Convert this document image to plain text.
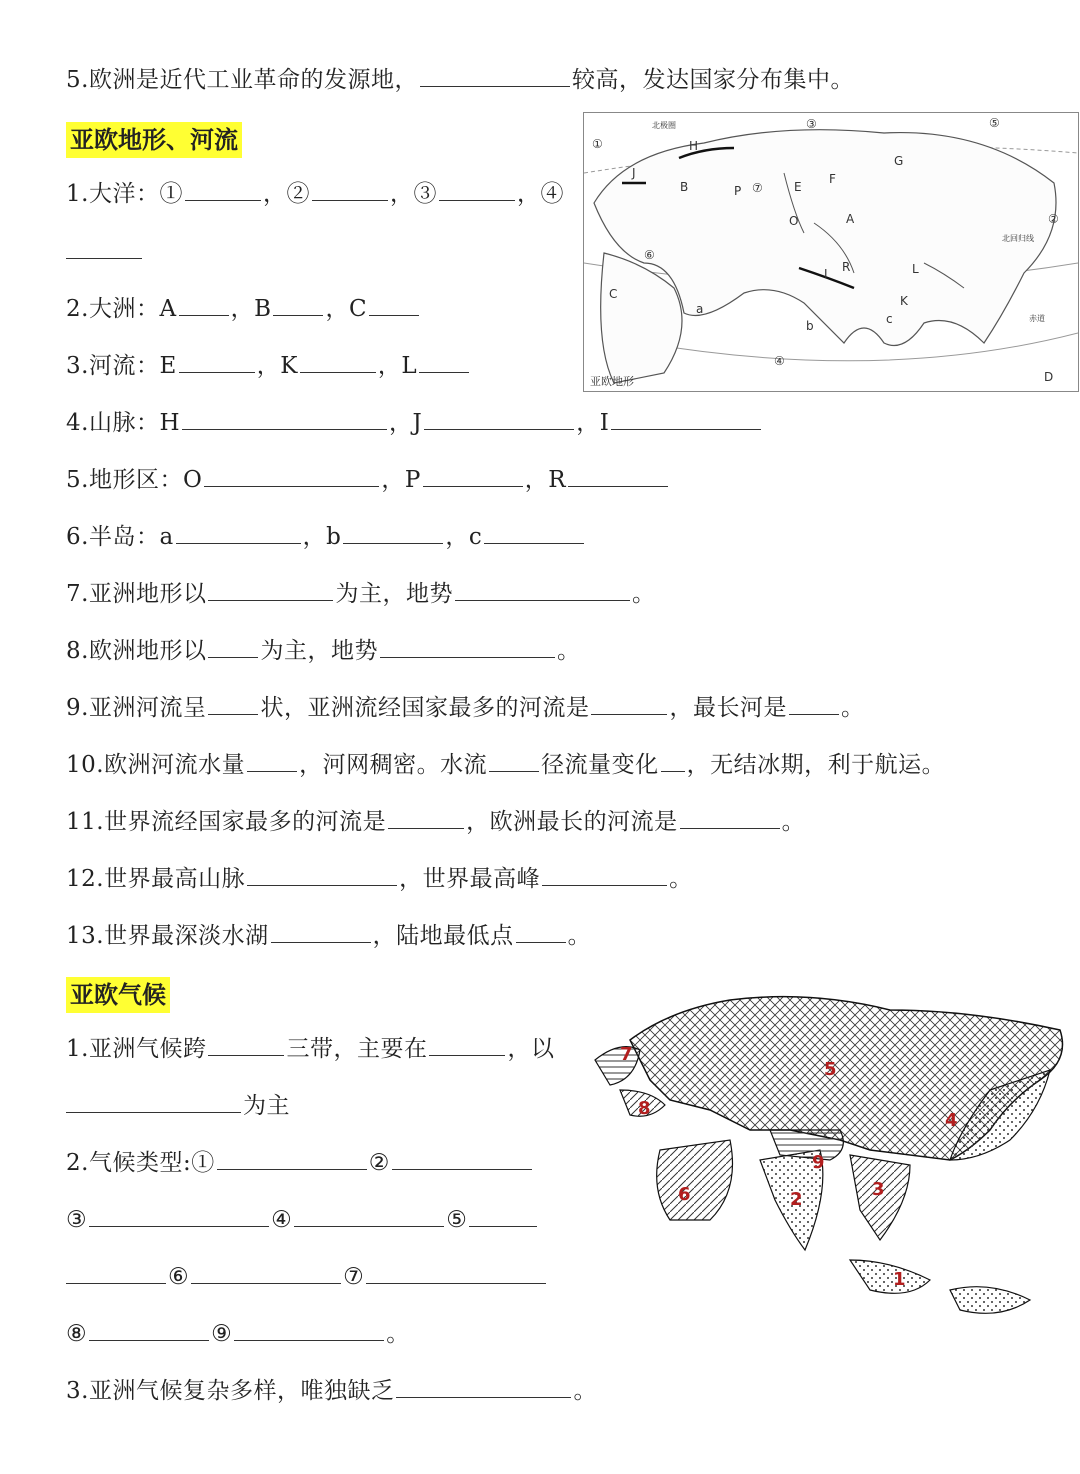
5.欧洲是近代工业革命的发源地，	较高，发达国家分布集中。
亚欧地形、河流
1.大洋：①	，②	，③	，④
2.大洲：A ，B ，C
3.河流：E	，K	，L
4.山脉：H	，J	，I
5.地形区：O	，P	，R
6.半岛：a	，b	，c
7.亚洲地形以	为主，地势	。
8.欧洲地形以 为主，地势	。
9.亚洲河流呈 状，亚洲流经国家最多的河流是	，最长河是 。
10.欧洲河流水量 ，河网稠密。水流 径流量变化 ，无结冰期，利于航运。
11.世界流经国家最多的河流是	，欧洲最长的河流是	。
12.世界最高山脉	，世界最高峰	。
13.世界最深淡水湖	，陆地最低点 。
J
B
H
P	E
F
G
O	A
C
I R	L
K
a
b	c
D
①
②
③
④
⑤
⑥
⑦
北极圈
北回归线
赤道
亚欧地形
亚欧气候
1.亚洲气候跨	三带，主要在	，以
为主
2.气候类型:①	②
③	④	⑤
⑥	⑦
⑧	⑨	。
3.亚洲气候复杂多样，唯独缺乏	。
1
2	3
4
5
6
7
8
9
